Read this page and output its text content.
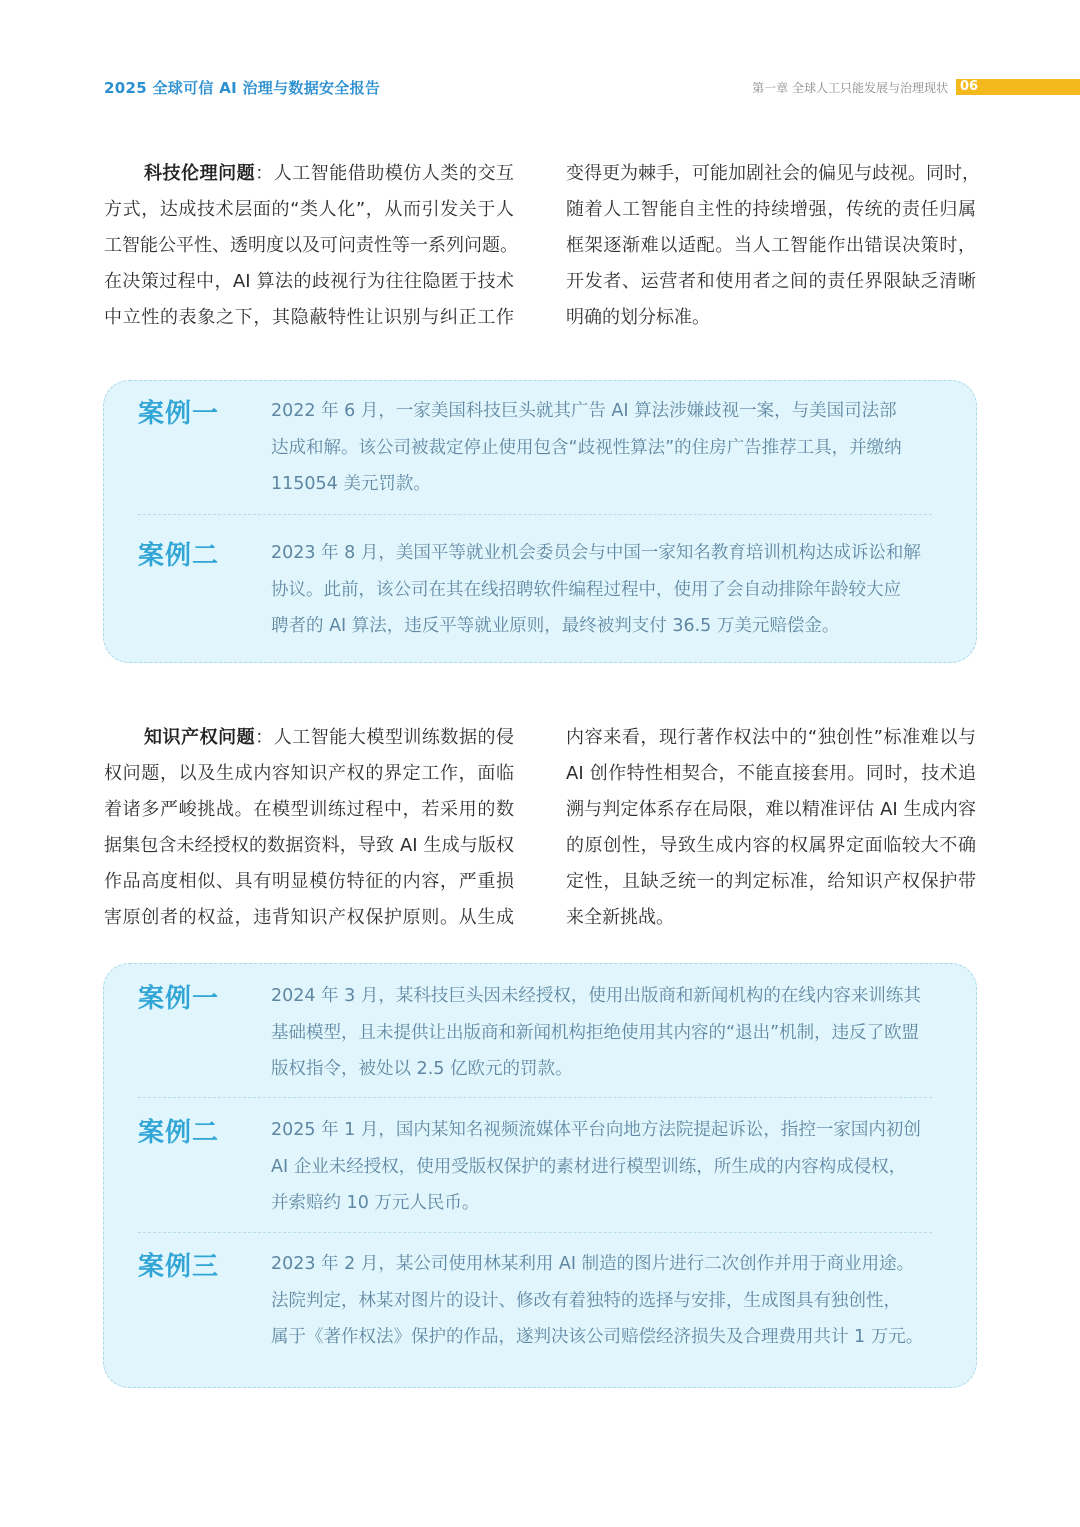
2025 全球可信 AI 治理与数据安全报告	第一章 全球人工只能发展与治理现状 06

科技伦理问题：人工智能借助模仿人类的交互

方式，达成技术层面的“类人化”，从而引发关于人

工智能公平性、透明度以及可问责性等一系列问题。

在决策过程中，AI 算法的歧视行为往往隐匿于技术

中立性的表象之下，其隐蔽特性让识别与纠正工作

变得更为棘手，可能加剧社会的偏见与歧视。同时，

随着人工智能自主性的持续增强，传统的责任归属

框架逐渐难以适配。当人工智能作出错误决策时，

开发者、运营者和使用者之间的责任界限缺乏清晰

明确的划分标准。

案例一	2022 年 6 月，一家美国科技巨头就其广告 AI 算法涉嫌歧视一案，与美国司法部

达成和解。该公司被裁定停止使用包含“歧视性算法”的住房广告推荐工具，并缴纳

115054 美元罚款。

案例二	2023 年 8 月，美国平等就业机会委员会与中国一家知名教育培训机构达成诉讼和解

协议。此前，该公司在其在线招聘软件编程过程中，使用了会自动排除年龄较大应

聘者的 AI 算法，违反平等就业原则，最终被判支付 36.5 万美元赔偿金。

知识产权问题：人工智能大模型训练数据的侵

权问题，以及生成内容知识产权的界定工作，面临

着诸多严峻挑战。在模型训练过程中，若采用的数

据集包含未经授权的数据资料，导致 AI 生成与版权

作品高度相似、具有明显模仿特征的内容，严重损

害原创者的权益，违背知识产权保护原则。从生成

内容来看，现行著作权法中的“独创性”标准难以与

AI 创作特性相契合，不能直接套用。同时，技术追

溯与判定体系存在局限，难以精准评估 AI 生成内容

的原创性，导致生成内容的权属界定面临较大不确

定性，且缺乏统一的判定标准，给知识产权保护带

来全新挑战。

案例一	2024 年 3 月，某科技巨头因未经授权，使用出版商和新闻机构的在线内容来训练其

基础模型，且未提供让出版商和新闻机构拒绝使用其内容的“退出”机制，违反了欧盟

版权指令，被处以 2.5 亿欧元的罚款。

案例二	2025 年 1 月，国内某知名视频流媒体平台向地方法院提起诉讼，指控一家国内初创

AI 企业未经授权，使用受版权保护的素材进行模型训练，所生成的内容构成侵权，

并索赔约 10 万元人民币。

案例三	2023 年 2 月，某公司使用林某利用 AI 制造的图片进行二次创作并用于商业用途。

法院判定，林某对图片的设计、修改有着独特的选择与安排，生成图具有独创性，

属于《著作权法》保护的作品，遂判决该公司赔偿经济损失及合理费用共计 1 万元。
